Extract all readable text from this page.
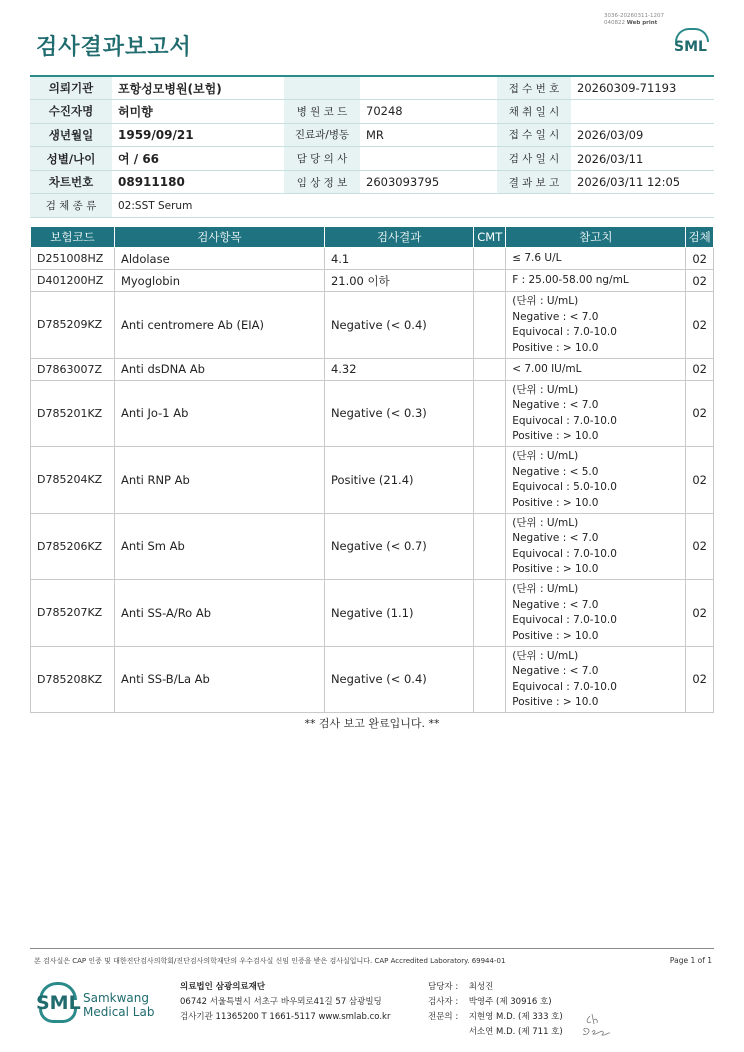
검사결과보고서
3036-20260311-1207
040822 Web print
SML
의뢰기관	포항성모병원(보험)			접 수 번 호	20260309-71193
수진자명	허미향	병 원 코 드	70248	채 취 일 시	
생년월일	1959/09/21	진료과/병동	MR	접 수 일 시	2026/03/09
성별/나이	여 / 66	담 당 의 사		검 사 일 시	2026/03/11
차트번호	08911180	임 상 정 보	2603093795	결 과 보 고	2026/03/11 12:05
검 체 종 류	02:SST Serum				
보험코드	검사항목	검사결과	CMT	참고치	검체
D251008HZ	Aldolase	4.1		≤ 7.6 U/L	02
D401200HZ	Myoglobin	21.00 이하		F : 25.00-58.00 ng/mL	02
D785209KZ	Anti centromere Ab (EIA)	Negative (< 0.4)		(단위 : U/mL)
Negative : < 7.0
Equivocal : 7.0-10.0
Positive : > 10.0	02
D7863007Z	Anti dsDNA Ab	4.32		< 7.00 IU/mL	02
D785201KZ	Anti Jo-1 Ab	Negative (< 0.3)		(단위 : U/mL)
Negative : < 7.0
Equivocal : 7.0-10.0
Positive : > 10.0	02
D785204KZ	Anti RNP Ab	Positive (21.4)		(단위 : U/mL)
Negative : < 5.0
Equivocal : 5.0-10.0
Positive : > 10.0	02
D785206KZ	Anti Sm Ab	Negative (< 0.7)		(단위 : U/mL)
Negative : < 7.0
Equivocal : 7.0-10.0
Positive : > 10.0	02
D785207KZ	Anti SS-A/Ro Ab	Negative (1.1)		(단위 : U/mL)
Negative : < 7.0
Equivocal : 7.0-10.0
Positive : > 10.0	02
D785208KZ	Anti SS-B/La Ab	Negative (< 0.4)		(단위 : U/mL)
Negative : < 7.0
Equivocal : 7.0-10.0
Positive : > 10.0	02
** 검사 보고 완료입니다. **
본 검사실은 CAP 인증 및 대한진단검사의학회/진단검사의학재단의 우수검사실 신임 인증을 받은 검사실입니다. CAP Accredited Laboratory. 69944-01	Page 1 of 1
SML Samkwang
Medical Lab
의료법인 삼광의료재단
06742 서울특별시 서초구 바우뫼로41길 57 삼광빌딩
검사기관 11365200 T 1661-5117 www.smlab.co.kr
담당자 : 최성진
검사자 : 박영주 (제 30916 호)
전문의 : 지현영 M.D. (제 333 호)
서소연 M.D. (제 711 호)
